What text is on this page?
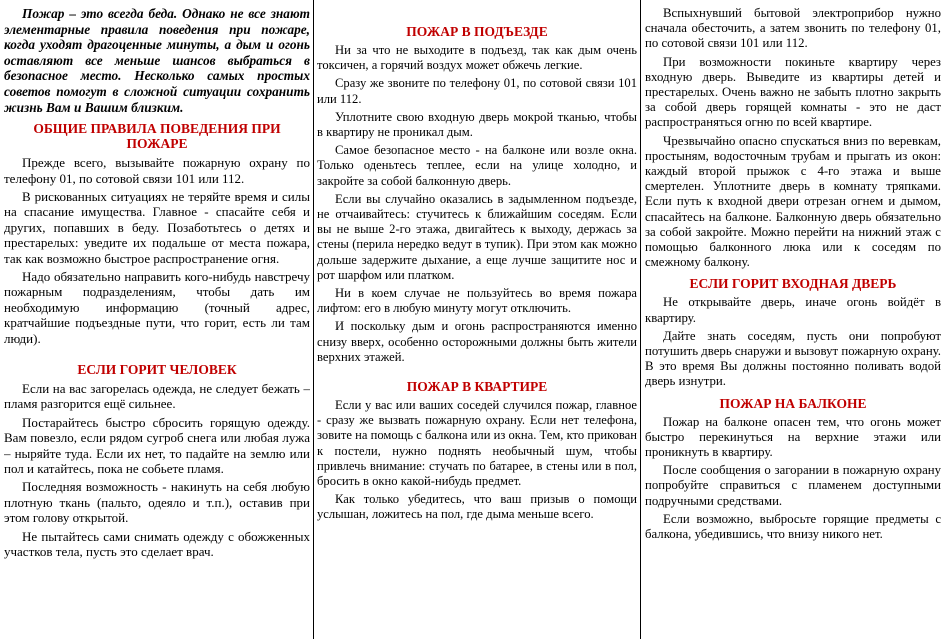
Пожар – это всегда беда. Однако не все знают элементарные правила поведения при пожаре, когда уходят драгоценные минуты, а дым и огонь оставляют все меньше шансов выбраться в безопасное место. Несколько самых простых советов помогут в сложной ситуации сохранить жизнь Вам и Вашим близким.

ОБЩИЕ ПРАВИЛА ПОВЕДЕНИЯ ПРИ ПОЖАРЕ

Прежде всего, вызывайте пожарную охрану по телефону 01, по сотовой связи 101 или 112.

В рискованных ситуациях не теряйте время и силы на спасание имущества. Главное - спасайте себя и других, попавших в беду. Позаботьтесь о детях и престарелых: уведите их подальше от места пожара, так как возможно быстрое распространение огня.

Надо обязательно направить кого-нибудь навстречу пожарным подразделениям, чтобы дать им необходимую информацию (точный адрес, кратчайшие подъездные пути, что горит, есть ли там люди).

ЕСЛИ ГОРИТ ЧЕЛОВЕК

Если на вас загорелась одежда, не следует бежать – пламя разгорится ещё сильнее.

Постарайтесь быстро сбросить горящую одежду. Вам повезло, если рядом сугроб снега или любая лужа – ныряйте туда. Если их нет, то падайте на землю или пол и катайтесь, пока не собьете пламя.

Последняя возможность - накинуть на себя любую плотную ткань (пальто, одеяло и т.п.), оставив при этом голову открытой.

Не пытайтесь сами снимать одежду с обожженных участков тела, пусть это сделает врач.

ПОЖАР В ПОДЪЕЗДЕ

Ни за что не выходите в подъезд, так как дым очень токсичен, а горячий воздух может обжечь легкие.

Сразу же звоните по телефону 01, по сотовой связи 101 или 112.

Уплотните свою входную дверь мокрой тканью, чтобы в квартиру не проникал дым.

Самое безопасное место - на балконе или возле окна. Только оденьтесь теплее, если на улице холодно, и закройте за собой балконную дверь.

Если вы случайно оказались в задымленном подъезде, не отчаивайтесь: стучитесь к ближайшим соседям. Если вы не выше 2-го этажа, двигайтесь к выходу, держась за стены (перила нередко ведут в тупик). При этом как можно дольше задержите дыхание, а еще лучше защитите нос и рот шарфом или платком.

Ни в коем случае не пользуйтесь во время пожара лифтом: его в любую минуту могут отключить.

И поскольку дым и огонь распространяются именно снизу вверх, особенно осторожными должны быть жители верхних этажей.

ПОЖАР В КВАРТИРЕ

Если у вас или ваших соседей случился пожар, главное - сразу же вызвать пожарную охрану. Если нет телефона, зовите на помощь с балкона или из окна. Тем, кто прикован к постели, нужно поднять необычный шум, чтобы привлечь внимание: стучать по батарее, в стены или в пол, бросить в окно какой-нибудь предмет.

Как только убедитесь, что ваш призыв о помощи услышан, ложитесь на пол, где дыма меньше всего.

Вспыхнувший бытовой электроприбор нужно сначала обесточить, а затем звонить по телефону 01, по сотовой связи 101 или 112.

При возможности покиньте квартиру через входную дверь. Выведите из квартиры детей и престарелых. Очень важно не забыть плотно закрыть за собой дверь горящей комнаты - это не даст распространяться огню по всей квартире.

Чрезвычайно опасно спускаться вниз по веревкам, простыням, водосточным трубам и прыгать из окон: каждый второй прыжок с 4-го этажа и выше смертелен. Уплотните дверь в комнату тряпками. Если путь к входной двери отрезан огнем и дымом, спасайтесь на балконе. Балконную дверь обязательно за собой закройте. Можно перейти на нижний этаж с помощью балконного люка или к соседям по смежному балкону.

ЕСЛИ ГОРИТ ВХОДНАЯ ДВЕРЬ

Не открывайте дверь, иначе огонь войдёт в квартиру.

Дайте знать соседям, пусть они попробуют потушить дверь снаружи и вызовут пожарную охрану. В это время Вы должны постоянно поливать водой дверь изнутри.

ПОЖАР НА БАЛКОНЕ

Пожар на балконе опасен тем, что огонь может быстро перекинуться на верхние этажи или проникнуть в квартиру.

После сообщения о загорании в пожарную охрану попробуйте справиться с пламенем доступными подручными средствами.

Если возможно, выбросьте горящие предметы с балкона, убедившись, что внизу никого нет.
